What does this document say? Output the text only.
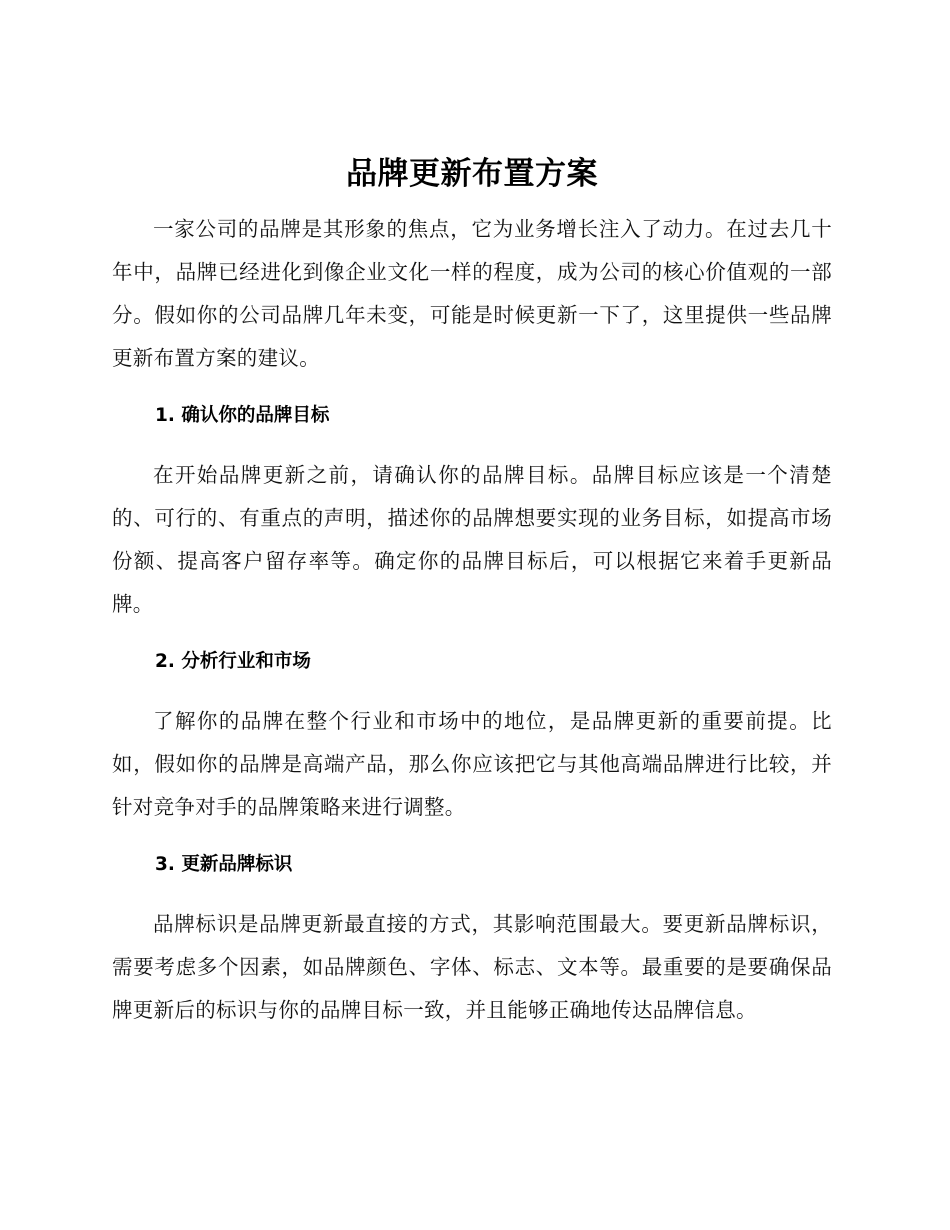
品牌更新布置方案

一家公司的品牌是其形象的焦点，它为业务增长注入了动力。在过去几十年中，品牌已经进化到像企业文化一样的程度，成为公司的核心价值观的一部分。假如你的公司品牌几年未变，可能是时候更新一下了，这里提供一些品牌更新布置方案的建议。

1. 确认你的品牌目标

在开始品牌更新之前，请确认你的品牌目标。品牌目标应该是一个清楚的、可行的、有重点的声明，描述你的品牌想要实现的业务目标，如提高市场份额、提高客户留存率等。确定你的品牌目标后，可以根据它来着手更新品牌。

2. 分析行业和市场

了解你的品牌在整个行业和市场中的地位，是品牌更新的重要前提。比如，假如你的品牌是高端产品，那么你应该把它与其他高端品牌进行比较，并针对竞争对手的品牌策略来进行调整。

3. 更新品牌标识

品牌标识是品牌更新最直接的方式，其影响范围最大。要更新品牌标识，需要考虑多个因素，如品牌颜色、字体、标志、文本等。最重要的是要确保品牌更新后的标识与你的品牌目标一致，并且能够正确地传达品牌信息。
